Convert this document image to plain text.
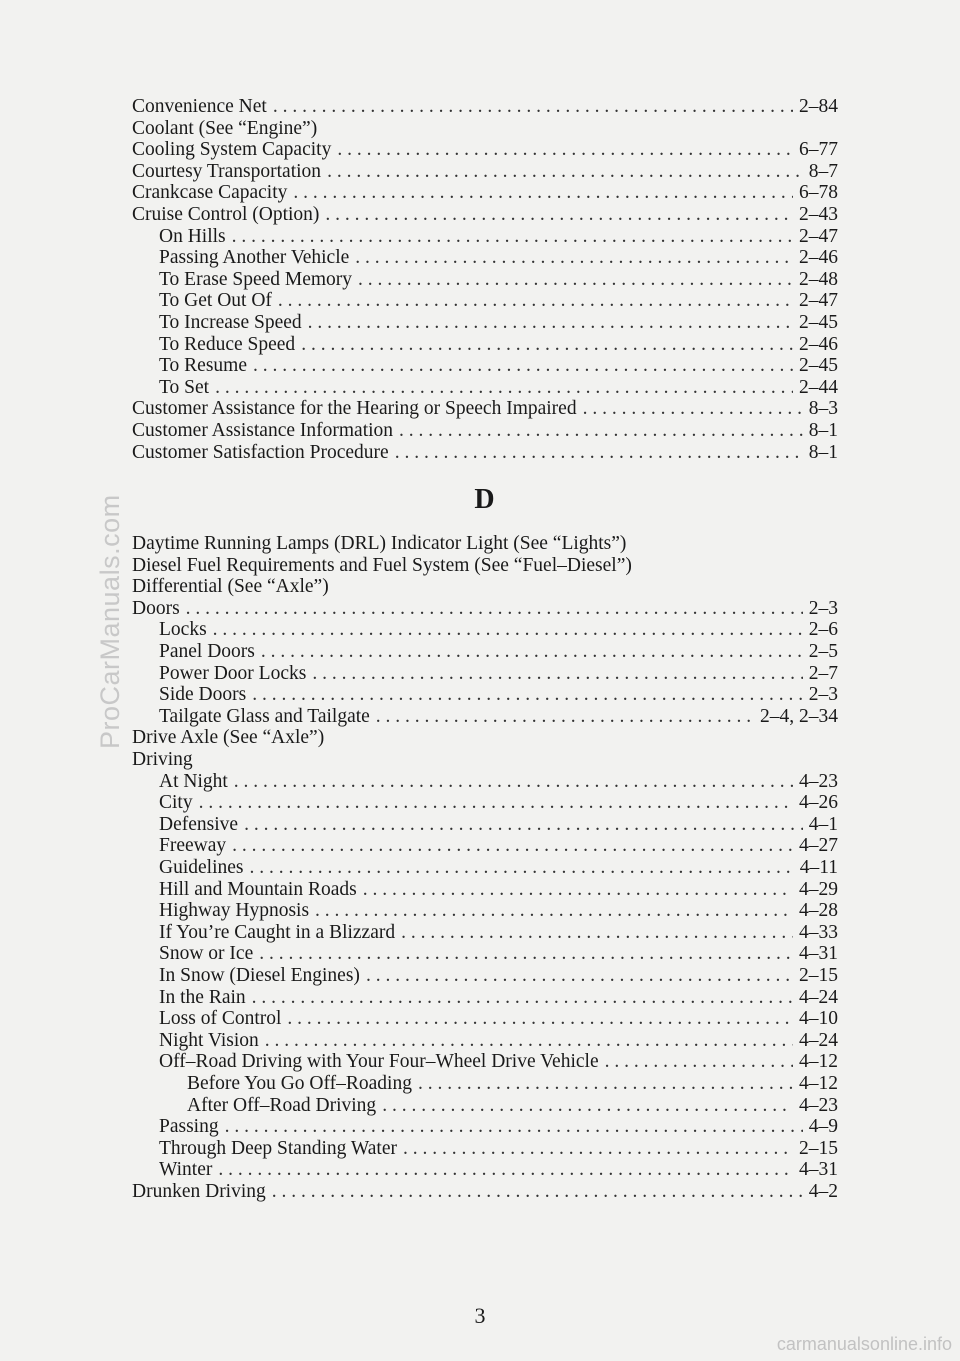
ProCarManuals.com
Convenience Net . . .	2–84
Coolant (See “Engine”)
Cooling System Capacity . . .	6–77
Courtesy Transportation . . .	8–7
Crankcase Capacity . . .	6–78
Cruise Control (Option) . . .	2–43
On Hills . . .	2–47
Passing Another Vehicle . . .	2–46
To Erase Speed Memory . . .	2–48
To Get Out Of . . .	2–47
To Increase Speed . . .	2–45
To Reduce Speed . . .	2–46
To Resume . . .	2–45
To Set . . .	2–44
Customer Assistance for the Hearing or Speech Impaired . . .	8–3
Customer Assistance Information . . .	8–1
Customer Satisfaction Procedure . . .	8–1
D
Daytime Running Lamps (DRL) Indicator Light (See “Lights”)
Diesel Fuel Requirements and Fuel System (See “Fuel–Diesel”)
Differential (See “Axle”)
Doors . . .	2–3
Locks . . .	2–6
Panel Doors . . .	2–5
Power Door Locks . . .	2–7
Side Doors . . .	2–3
Tailgate Glass and Tailgate . . .	2–4, 2–34
Drive Axle (See “Axle”)
Driving
At Night . . .	4–23
City . . .	4–26
Defensive . . .	4–1
Freeway . . .	4–27
Guidelines . . .	4–11
Hill and Mountain Roads . . .	4–29
Highway Hypnosis . . .	4–28
If You’re Caught in a Blizzard . . .	4–33
Snow or Ice . . .	4–31
In Snow (Diesel Engines) . . .	2–15
In the Rain . . .	4–24
Loss of Control . . .	4–10
Night Vision . . .	4–24
Off–Road Driving with Your Four–Wheel Drive Vehicle . . .	4–12
Before You Go Off–Roading . . .	4–12
After Off–Road Driving . . .	4–23
Passing . . .	4–9
Through Deep Standing Water . . .	2–15
Winter . . .	4–31
Drunken Driving . . .	4–2
3
carmanualsonline.info
